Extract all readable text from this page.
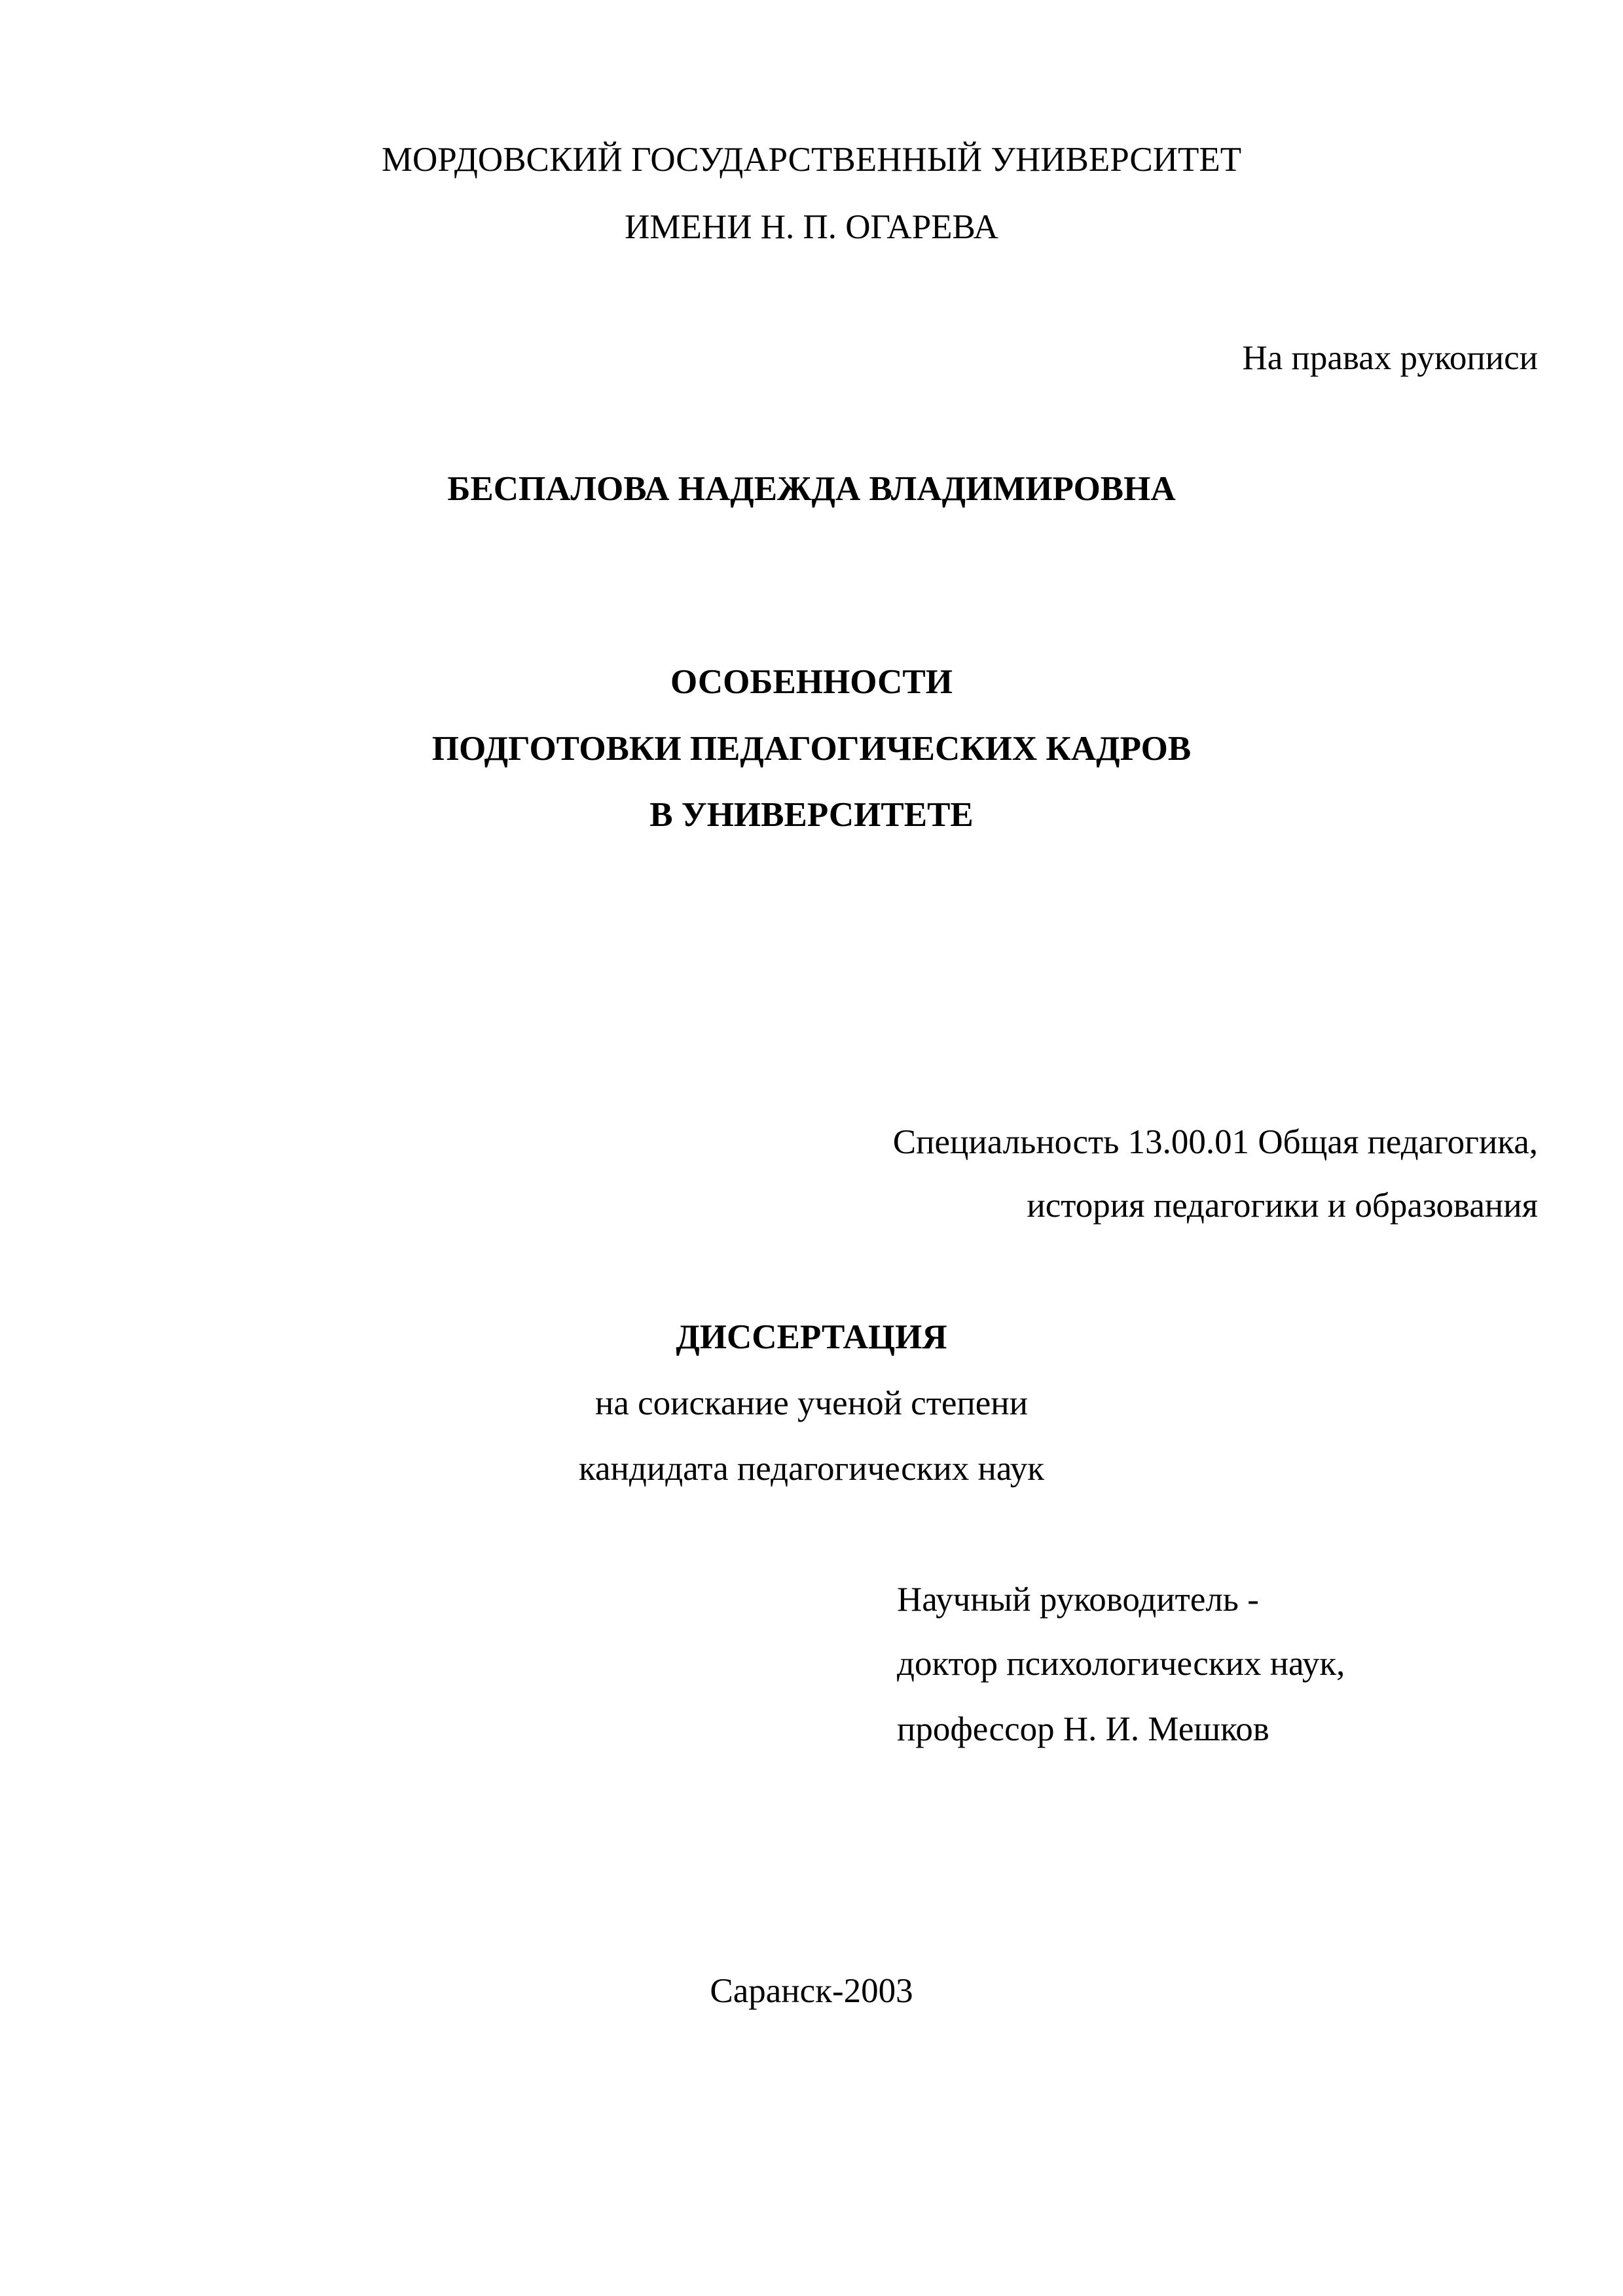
МОРДОВСКИЙ ГОСУДАРСТВЕННЫЙ УНИВЕРСИТЕТ

ИМЕНИ Н. П. ОГАРЕВА

На правах рукописи

БЕСПАЛОВА НАДЕЖДА ВЛАДИМИРОВНА

ОСОБЕННОСТИ

ПОДГОТОВКИ ПЕДАГОГИЧЕСКИХ КАДРОВ

В УНИВЕРСИТЕТЕ

Специальность 13.00.01 Общая педагогика,

история педагогики и образования

ДИССЕРТАЦИЯ

на соискание ученой степени

кандидата педагогических наук

Научный руководитель -

доктор психологических наук,

профессор Н. И. Мешков

Саранск-2003
